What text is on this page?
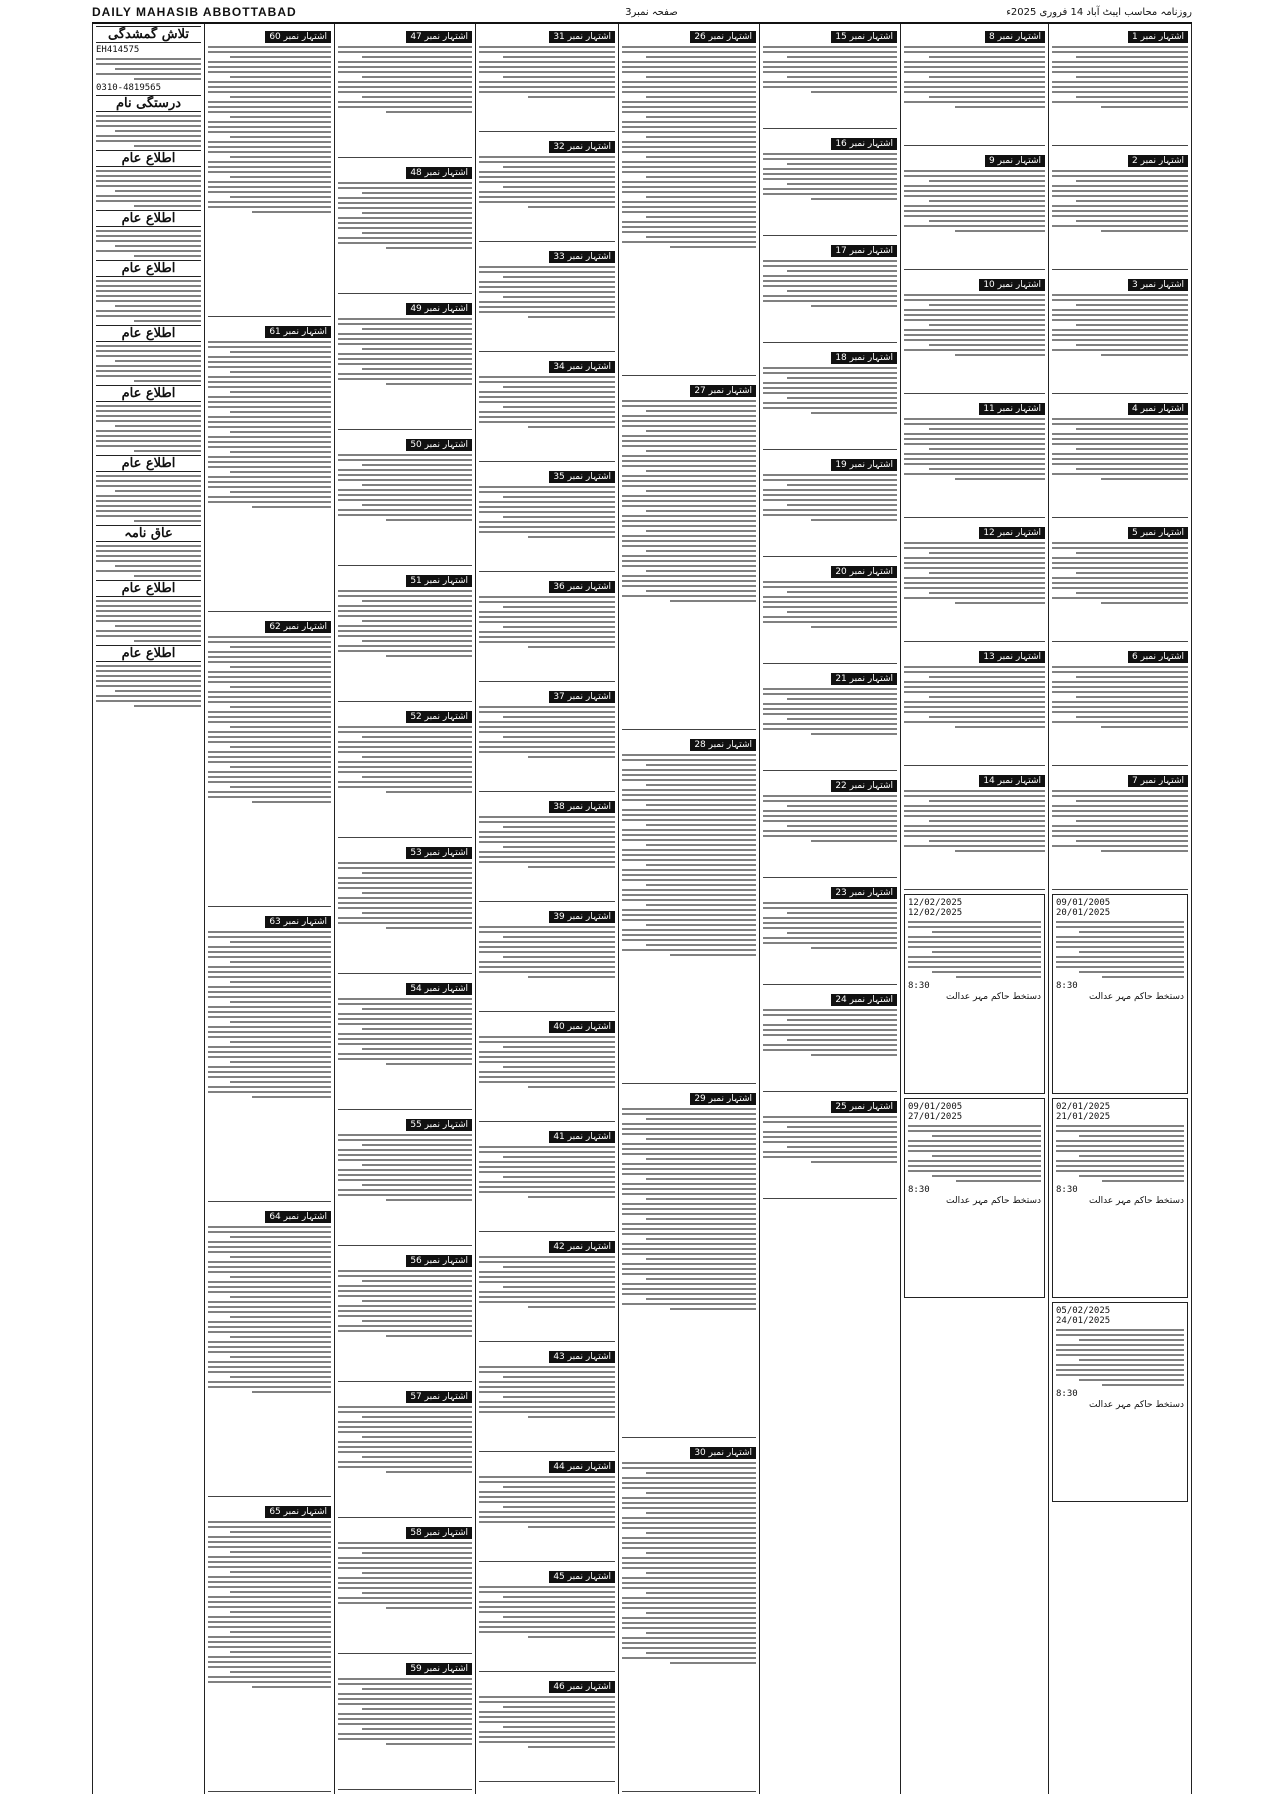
DAILY MAHASIB ABBOTTABAD	صفحہ نمبر3	روزنامہ محاسب ایبٹ آباد 14 فروری 2025ء
تلاش گمشدگی
EH414575
0310-4819565
درستگی نام
اطلاع عام
اطلاع عام
اطلاع عام
اطلاع عام
اطلاع عام
اطلاع عام
عاق نامہ
اطلاع عام
اطلاع عام
اشتہار نمبر 60
اشتہار نمبر 61
اشتہار نمبر 62
اشتہار نمبر 63
اشتہار نمبر 64
اشتہار نمبر 65
اشتہار نمبر 47
اشتہار نمبر 48
اشتہار نمبر 49
اشتہار نمبر 50
اشتہار نمبر 51
اشتہار نمبر 52
اشتہار نمبر 53
اشتہار نمبر 54
اشتہار نمبر 55
اشتہار نمبر 56
اشتہار نمبر 57
اشتہار نمبر 58
اشتہار نمبر 59
اشتہار نمبر 31
اشتہار نمبر 32
اشتہار نمبر 33
اشتہار نمبر 34
اشتہار نمبر 35
اشتہار نمبر 36
اشتہار نمبر 37
اشتہار نمبر 38
اشتہار نمبر 39
اشتہار نمبر 40
اشتہار نمبر 41
اشتہار نمبر 42
اشتہار نمبر 43
اشتہار نمبر 44
اشتہار نمبر 45
اشتہار نمبر 46
اشتہار نمبر 26
اشتہار نمبر 27
اشتہار نمبر 28
اشتہار نمبر 29
اشتہار نمبر 30
اشتہار نمبر 15
اشتہار نمبر 16
اشتہار نمبر 17
اشتہار نمبر 18
اشتہار نمبر 19
اشتہار نمبر 20
اشتہار نمبر 21
اشتہار نمبر 22
اشتہار نمبر 23
اشتہار نمبر 24
اشتہار نمبر 25
اشتہار نمبر 8
اشتہار نمبر 9
اشتہار نمبر 10
اشتہار نمبر 11
اشتہار نمبر 12
اشتہار نمبر 13
اشتہار نمبر 14
12/02/2025
12/02/2025
8:30
دستخط حاکم مہر عدالت
09/01/2005
27/01/2025
8:30
دستخط حاکم مہر عدالت
اشتہار نمبر 1
اشتہار نمبر 2
اشتہار نمبر 3
اشتہار نمبر 4
اشتہار نمبر 5
اشتہار نمبر 6
اشتہار نمبر 7
09/01/2005
20/01/2025
8:30
دستخط حاکم مہر عدالت
02/01/2025
21/01/2025
8:30
دستخط حاکم مہر عدالت
05/02/2025
24/01/2025
8:30
دستخط حاکم مہر عدالت
